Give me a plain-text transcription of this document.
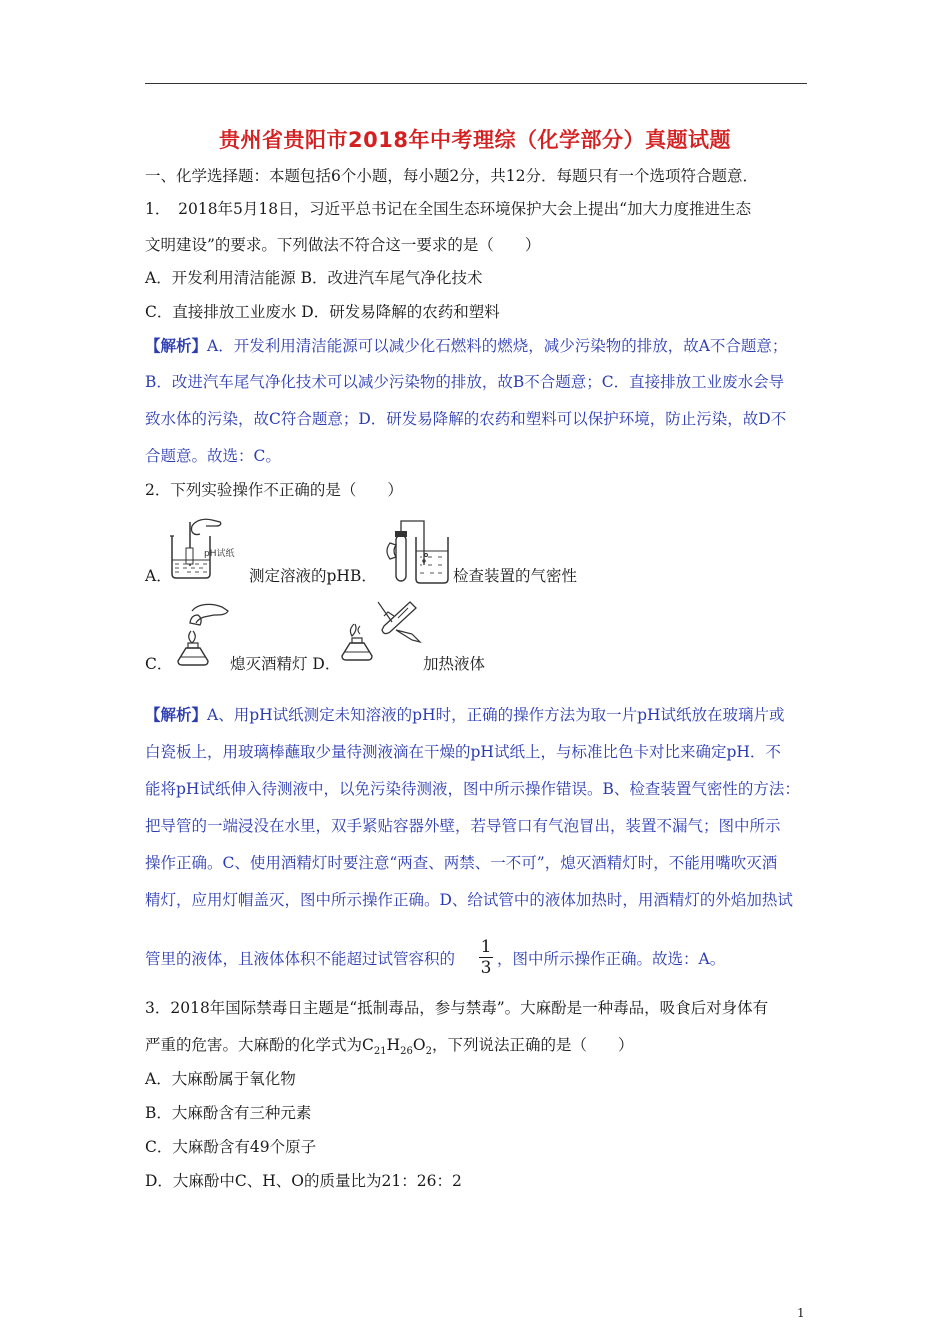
贵州省贵阳市2018年中考理综（化学部分）真题试题
一、化学选择题：本题包括6个小题，每小题2分，共12分．每题只有一个选项符合题意．
1．　2018年5月18日，习近平总书记在全国生态环境保护大会上提出“加大力度推进生态
文明建设”的要求。下列做法不符合这一要求的是（　　）
A．开发利用清洁能源 B．改进汽车尾气净化技术
C．直接排放工业废水 D．研发易降解的农药和塑料
【解析】A．开发利用清洁能源可以减少化石燃料的燃烧，减少污染物的排放，故A不合题意；
B．改进汽车尾气净化技术可以减少污染物的排放，故B不合题意；C．直接排放工业废水会导
致水体的污染，故C符合题意；D．研发易降解的农药和塑料可以保护环境，防止污染，故D不
合题意。故选：C。
2．下列实验操作不正确的是（　　）
pH试纸
A．	测定溶液的pHB．	检查装置的气密性
C．	熄灭酒精灯 D．	加热液体
【解析】A、用pH试纸测定未知溶液的pH时，正确的操作方法为取一片pH试纸放在玻璃片或
白瓷板上，用玻璃棒蘸取少量待测液滴在干燥的pH试纸上，与标准比色卡对比来确定pH．不
能将pH试纸伸入待测液中，以免污染待测液，图中所示操作错误。B、检查装置气密性的方法：
把导管的一端浸没在水里，双手紧贴容器外壁，若导管口有气泡冒出，装置不漏气；图中所示
操作正确。C、使用酒精灯时要注意“两查、两禁、一不可”，熄灭酒精灯时，不能用嘴吹灭酒
精灯，应用灯帽盖灭，图中所示操作正确。D、给试管中的液体加热时，用酒精灯的外焰加热试
管里的液体，且液体体积不能超过试管容积的
1
3 ，图中所示操作正确。故选：A。
3．2018年国际禁毒日主题是“抵制毒品，参与禁毒”。大麻酚是一种毒品，吸食后对身体有
严重的危害。大麻酚的化学式为$C_{21}H_{26}O_2$，下列说法正确的是（　　）
A．大麻酚属于氧化物
B．大麻酚含有三种元素
C．大麻酚含有49个原子
D．大麻酚中C、H、O的质量比为21：26：2
1
